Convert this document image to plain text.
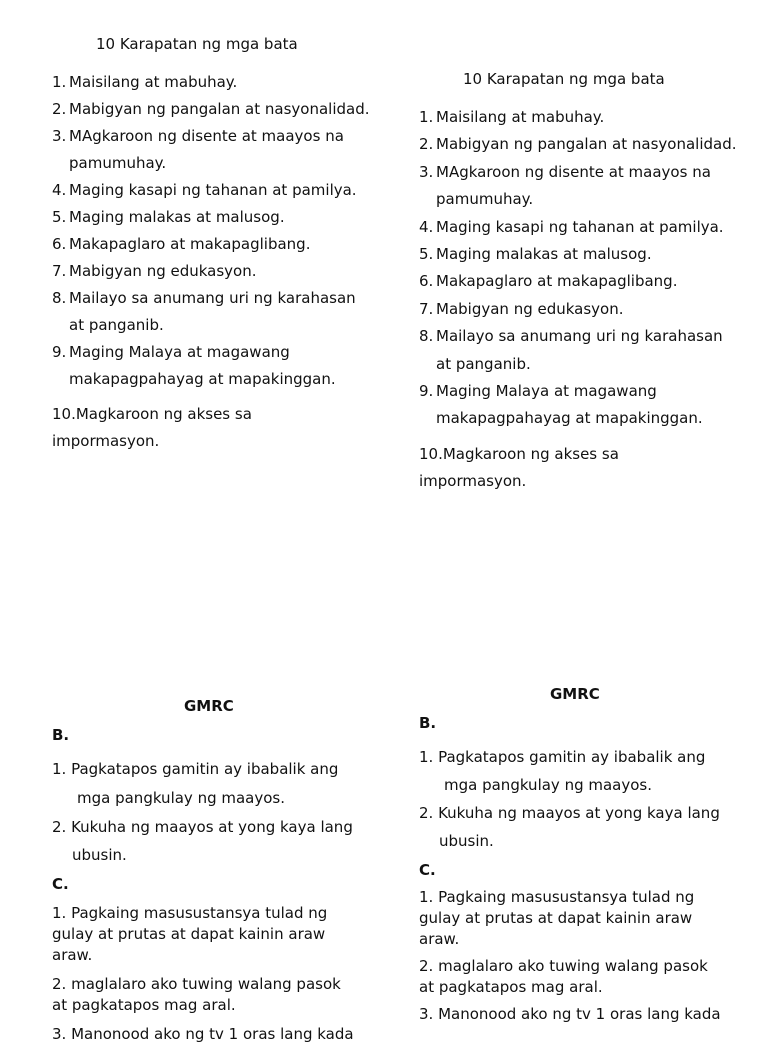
10 Karapatan ng mga bata
1. Maisilang at mabuhay.
2. Mabigyan ng pangalan at nasyonalidad.
3. MAgkaroon ng disente at maayos na pamumuhay.
4. Maging kasapi ng tahanan at pamilya.
5. Maging malakas at malusog.
6. Makapaglaro at makapaglibang.
7. Mabigyan ng edukasyon.
8. Mailayo sa anumang uri ng karahasan at panganib.
9. Maging Malaya at magawang makapagpahayag at mapakinggan.
10.Magkaroon ng akses sa
impormasyon.
10 Karapatan ng mga bata
1. Maisilang at mabuhay.
2. Mabigyan ng pangalan at nasyonalidad.
3. MAgkaroon ng disente at maayos na pamumuhay.
4. Maging kasapi ng tahanan at pamilya.
5. Maging malakas at malusog.
6. Makapaglaro at makapaglibang.
7. Mabigyan ng edukasyon.
8. Mailayo sa anumang uri ng karahasan at panganib.
9. Maging Malaya at magawang makapagpahayag at mapakinggan.
10.Magkaroon ng akses sa
impormasyon.
GMRC
B.
1. Pagkatapos gamitin ay ibabalik ang
mga pangkulay ng maayos.
2. Kukuha ng maayos at yong kaya lang
ubusin.
C.
1. Pagkaing masusustansya tulad ng gulay at prutas at dapat kainin araw araw.
2. maglalaro ako tuwing walang pasok at pagkatapos mag aral.
3. Manonood ako ng tv 1 oras lang kada
GMRC
B.
1. Pagkatapos gamitin ay ibabalik ang
mga pangkulay ng maayos.
2. Kukuha ng maayos at yong kaya lang
ubusin.
C.
1. Pagkaing masusustansya tulad ng gulay at prutas at dapat kainin araw araw.
2. maglalaro ako tuwing walang pasok at pagkatapos mag aral.
3. Manonood ako ng tv 1 oras lang kada
